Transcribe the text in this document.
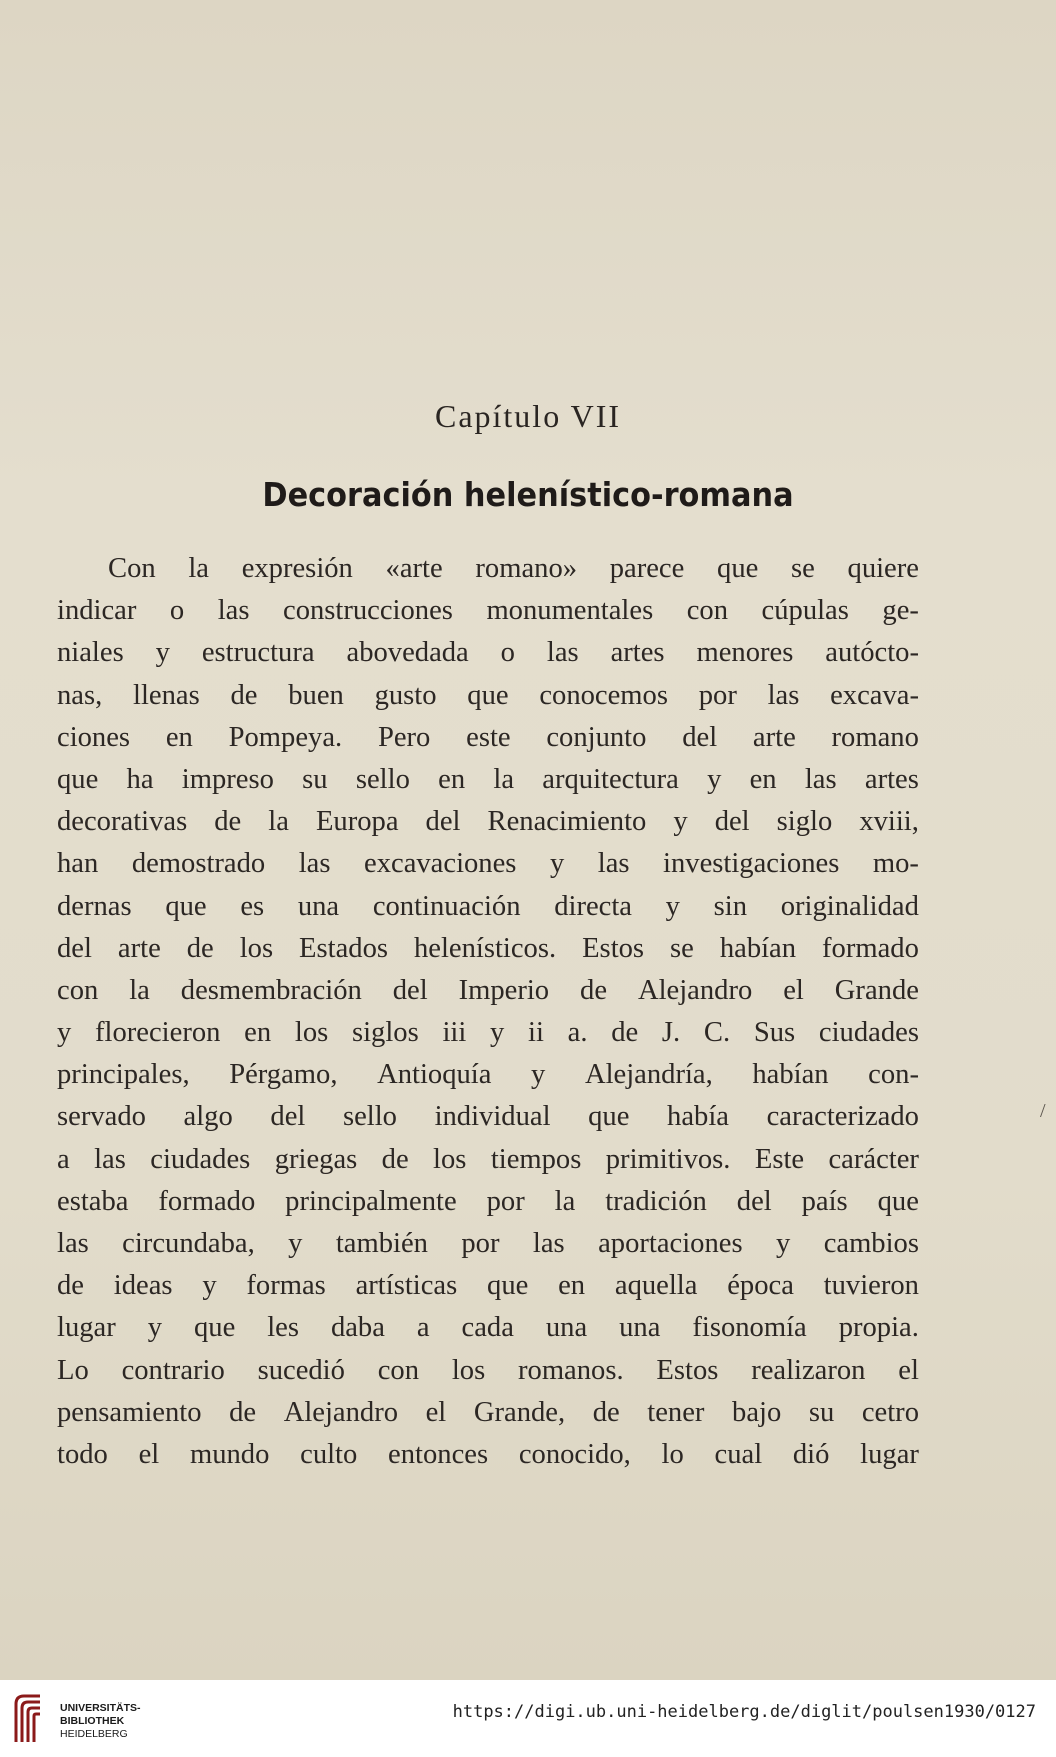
Capítulo VII
Decoración helenístico-romana
Con la expresión «arte romano» parece que se quiere
indicar o las construcciones monumentales con cúpulas ge-
niales y estructura abovedada o las artes menores autócto-
nas, llenas de buen gusto que conocemos por las excava-
ciones en Pompeya. Pero este conjunto del arte romano
que ha impreso su sello en la arquitectura y en las artes
decorativas de la Europa del Renacimiento y del siglo xviii,
han demostrado las excavaciones y las investigaciones mo-
dernas que es una continuación directa y sin originalidad
del arte de los Estados helenísticos. Estos se habían formado
con la desmembración del Imperio de Alejandro el Grande
y florecieron en los siglos iii y ii a. de J. C. Sus ciudades
principales, Pérgamo, Antioquía y Alejandría, habían con-
servado algo del sello individual que había caracterizado
a las ciudades griegas de los tiempos primitivos. Este carácter
estaba formado principalmente por la tradición del país que
las circundaba, y también por las aportaciones y cambios
de ideas y formas artísticas que en aquella época tuvieron
lugar y que les daba a cada una una fisonomía propia.
Lo contrario sucedió con los romanos. Estos realizaron el
pensamiento de Alejandro el Grande, de tener bajo su cetro
todo el mundo culto entonces conocido, lo cual dió lugar
/
UNIVERSITÄTS-
BIBLIOTHEK
HEIDELBERG
https://digi.ub.uni-heidelberg.de/diglit/poulsen1930/0127
